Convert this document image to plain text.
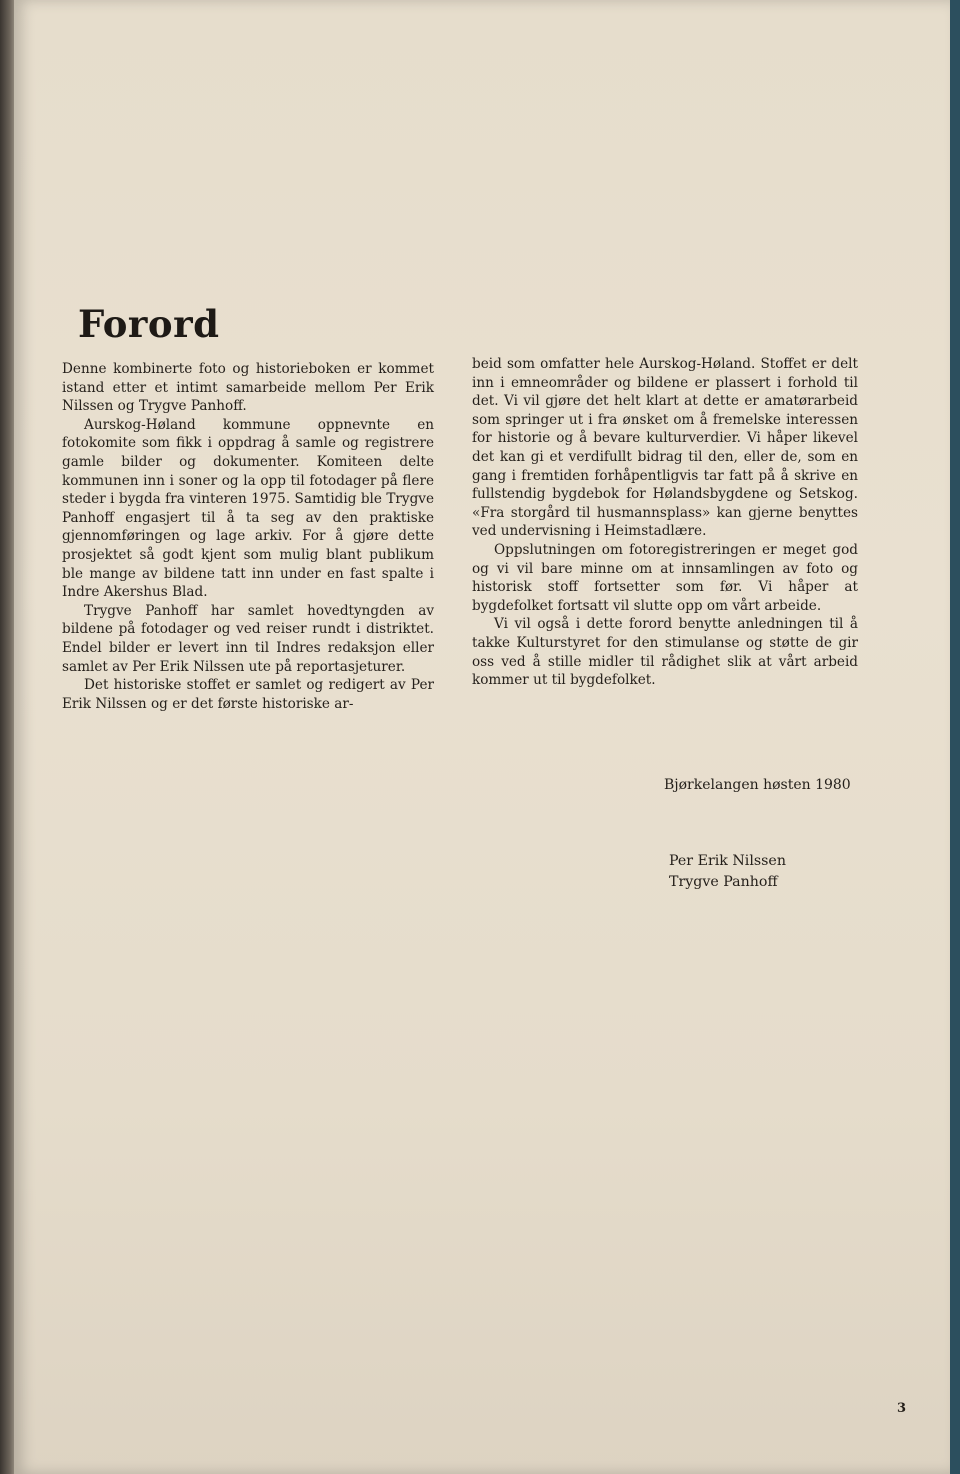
Forord

Denne kombinerte foto og historieboken er kommet istand etter et intimt samarbeide mellom Per Erik Nilssen og Trygve Panhoff.

Aurskog-Høland kommune oppnevnte en fotokomite som fikk i oppdrag å samle og registrere gamle bilder og dokumenter. Komiteen delte kommunen inn i soner og la opp til fotodager på flere steder i bygda fra vinteren 1975. Samtidig ble Trygve Panhoff engasjert til å ta seg av den praktiske gjennomføringen og lage arkiv. For å gjøre dette prosjektet så godt kjent som mulig blant publikum ble mange av bildene tatt inn under en fast spalte i Indre Akershus Blad.

Trygve Panhoff har samlet hovedtyngden av bildene på fotodager og ved reiser rundt i distriktet. Endel bilder er levert inn til Indres redaksjon eller samlet av Per Erik Nilssen ute på reportasjeturer.

Det historiske stoffet er samlet og redigert av Per Erik Nilssen og er det første historiske ar-

beid som omfatter hele Aurskog-Høland. Stoffet er delt inn i emneområder og bildene er plassert i forhold til det. Vi vil gjøre det helt klart at dette er amatørarbeid som springer ut i fra ønsket om å fremelske interessen for historie og å bevare kulturverdier. Vi håper likevel det kan gi et verdifullt bidrag til den, eller de, som en gang i fremtiden forhåpentligvis tar fatt på å skrive en fullstendig bygdebok for Hølandsbygdene og Setskog. «Fra storgård til husmannsplass» kan gjerne benyttes ved undervisning i Heimstadlære.

Oppslutningen om fotoregistreringen er meget god og vi vil bare minne om at innsamlingen av foto og historisk stoff fortsetter som før. Vi håper at bygdefolket fortsatt vil slutte opp om vårt arbeide.

Vi vil også i dette forord benytte anledningen til å takke Kulturstyret for den stimulanse og støtte de gir oss ved å stille midler til rådighet slik at vårt arbeid kommer ut til bygdefolket.

Bjørkelangen høsten 1980
Per Erik Nilssen
Trygve Panhoff
3
